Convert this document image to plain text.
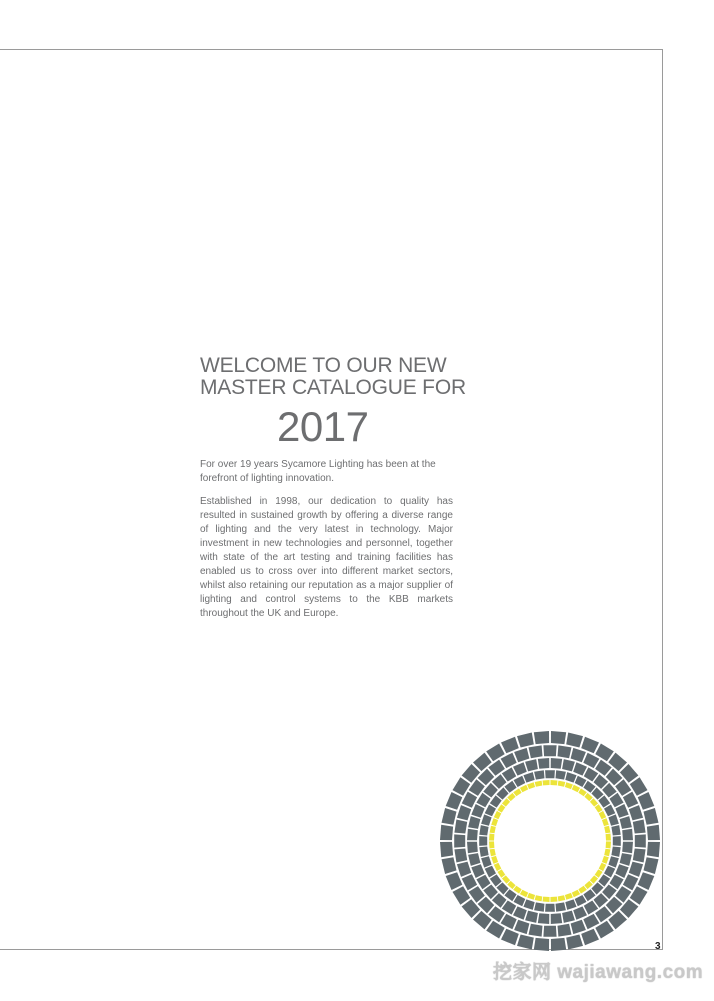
WELCOME TO OUR NEW
MASTER CATALOGUE FOR
2017

For over 19 years Sycamore Lighting has been at the forefront of lighting innovation.

Established in 1998, our dedication to quality has resulted in sustained growth by offering a diverse range of lighting and the very latest in technology. Major investment in new technologies and personnel, together with state of the art testing and training facilities has enabled us to cross over into different market sectors, whilst also retaining our reputation as a major supplier of lighting and control systems to the KBB markets throughout the UK and Europe.

3
挖家网 wajiawang.com
